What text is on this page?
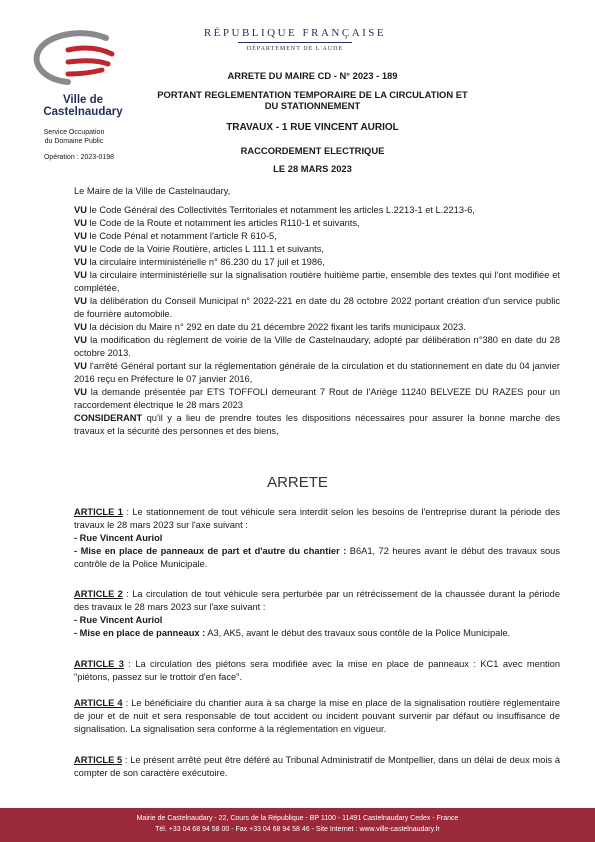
Ville de Castelnaudary
Service Occupation
du Domaine Public
Opération : 2023-0198
RÉPUBLIQUE FRANÇAISE
DÉPARTEMENT DE L'AUDE
ARRETE DU MAIRE CD - N° 2023 - 189
PORTANT REGLEMENTATION TEMPORAIRE DE LA CIRCULATION ET DU STATIONNEMENT
TRAVAUX - 1 RUE VINCENT AURIOL
RACCORDEMENT ELECTRIQUE
LE 28 MARS 2023
Le Maire de la Ville de Castelnaudary,
VU le Code Général des Collectivités Territoriales et notamment les articles L.2213-1 et L.2213-6,
VU le Code de la Route et notamment les articles R110-1 et suivants,
VU le Code Pénal et notamment l'article R 610-5,
VU le Code de la Voirie Routière, articles L 111.1 et suivants,
VU la circulaire interministérielle n° 86.230 du 17 juil et 1986,
VU la circulaire interministérielle sur la signalisation routière huitième partie, ensemble des textes qui l'ont modifiée et complétée,
VU la délibération du Conseil Municipal n° 2022-221 en date du 28 octobre 2022 portant création d'un service public de fourrière automobile.
VU la décision du Maire n° 292 en date du 21 décembre 2022 fixant les tarifs municipaux 2023.
VU la modification du règlement de voirie de la Ville de Castelnaudary, adopté par délibération n°380 en date du 28 octobre 2013.
VU l'arrêté Général portant sur la réglementation générale de la circulation et du stationnement en date du 04 janvier 2016 reçu en Préfecture le 07 janvier 2016,
VU la demande présentée par ETS TOFFOLI demeurant 7 Rout de l'Ariège 11240 BELVEZE DU RAZES pour un raccordement électrique le 28 mars 2023
CONSIDERANT qu'il y a lieu de prendre toutes les dispositions nécessaires pour assurer la bonne marche des travaux et la sécurité des personnes et des biens,
ARRETE
ARTICLE 1 : Le stationnement de tout véhicule sera interdit selon les besoins de l'entreprise durant la période des travaux le 28 mars 2023 sur l'axe suivant :
- Rue Vincent Auriol
- Mise en place de panneaux de part et d'autre du chantier : B6A1, 72 heures avant le début des travaux sous contrôle de la Police Municipale.
ARTICLE 2 : La circulation de tout véhicule sera perturbée par un rétrécissement de la chaussée durant la période des travaux le 28 mars 2023 sur l'axe suivant :
- Rue Vincent Auriol
- Mise en place de panneaux : A3, AK5, avant le début des travaux sous contôle de la Police Municipale.
ARTICLE 3 : La circulation des piétons sera modifiée avec la mise en place de panneaux : KC1 avec mention "piétons, passez sur le trottoir d'en face".
ARTICLE 4 : Le bénéficiaire du chantier aura à sa charge la mise en place de la signalisation routière réglementaire de jour et de nuit et sera responsable de tout accident ou incident pouvant survenir par défaut ou insuffisance de signalisation. La signalisation sera conforme à la réglementation en vigueur.
ARTICLE 5 : Le présent arrêté peut être déféré au Tribunal Administratif de Montpellier, dans un délai de deux mois à compter de son caractère exécutoire.
Mairie de Castelnaudary - 22, Cours de la République - BP 1100 - 11491 Castelnaudary Cedex - France
Tél. +33 04 68 94 58 00 - Fax +33 04 68 94 58 46 - Site Internet : www.ville-castelnaudary.fr
